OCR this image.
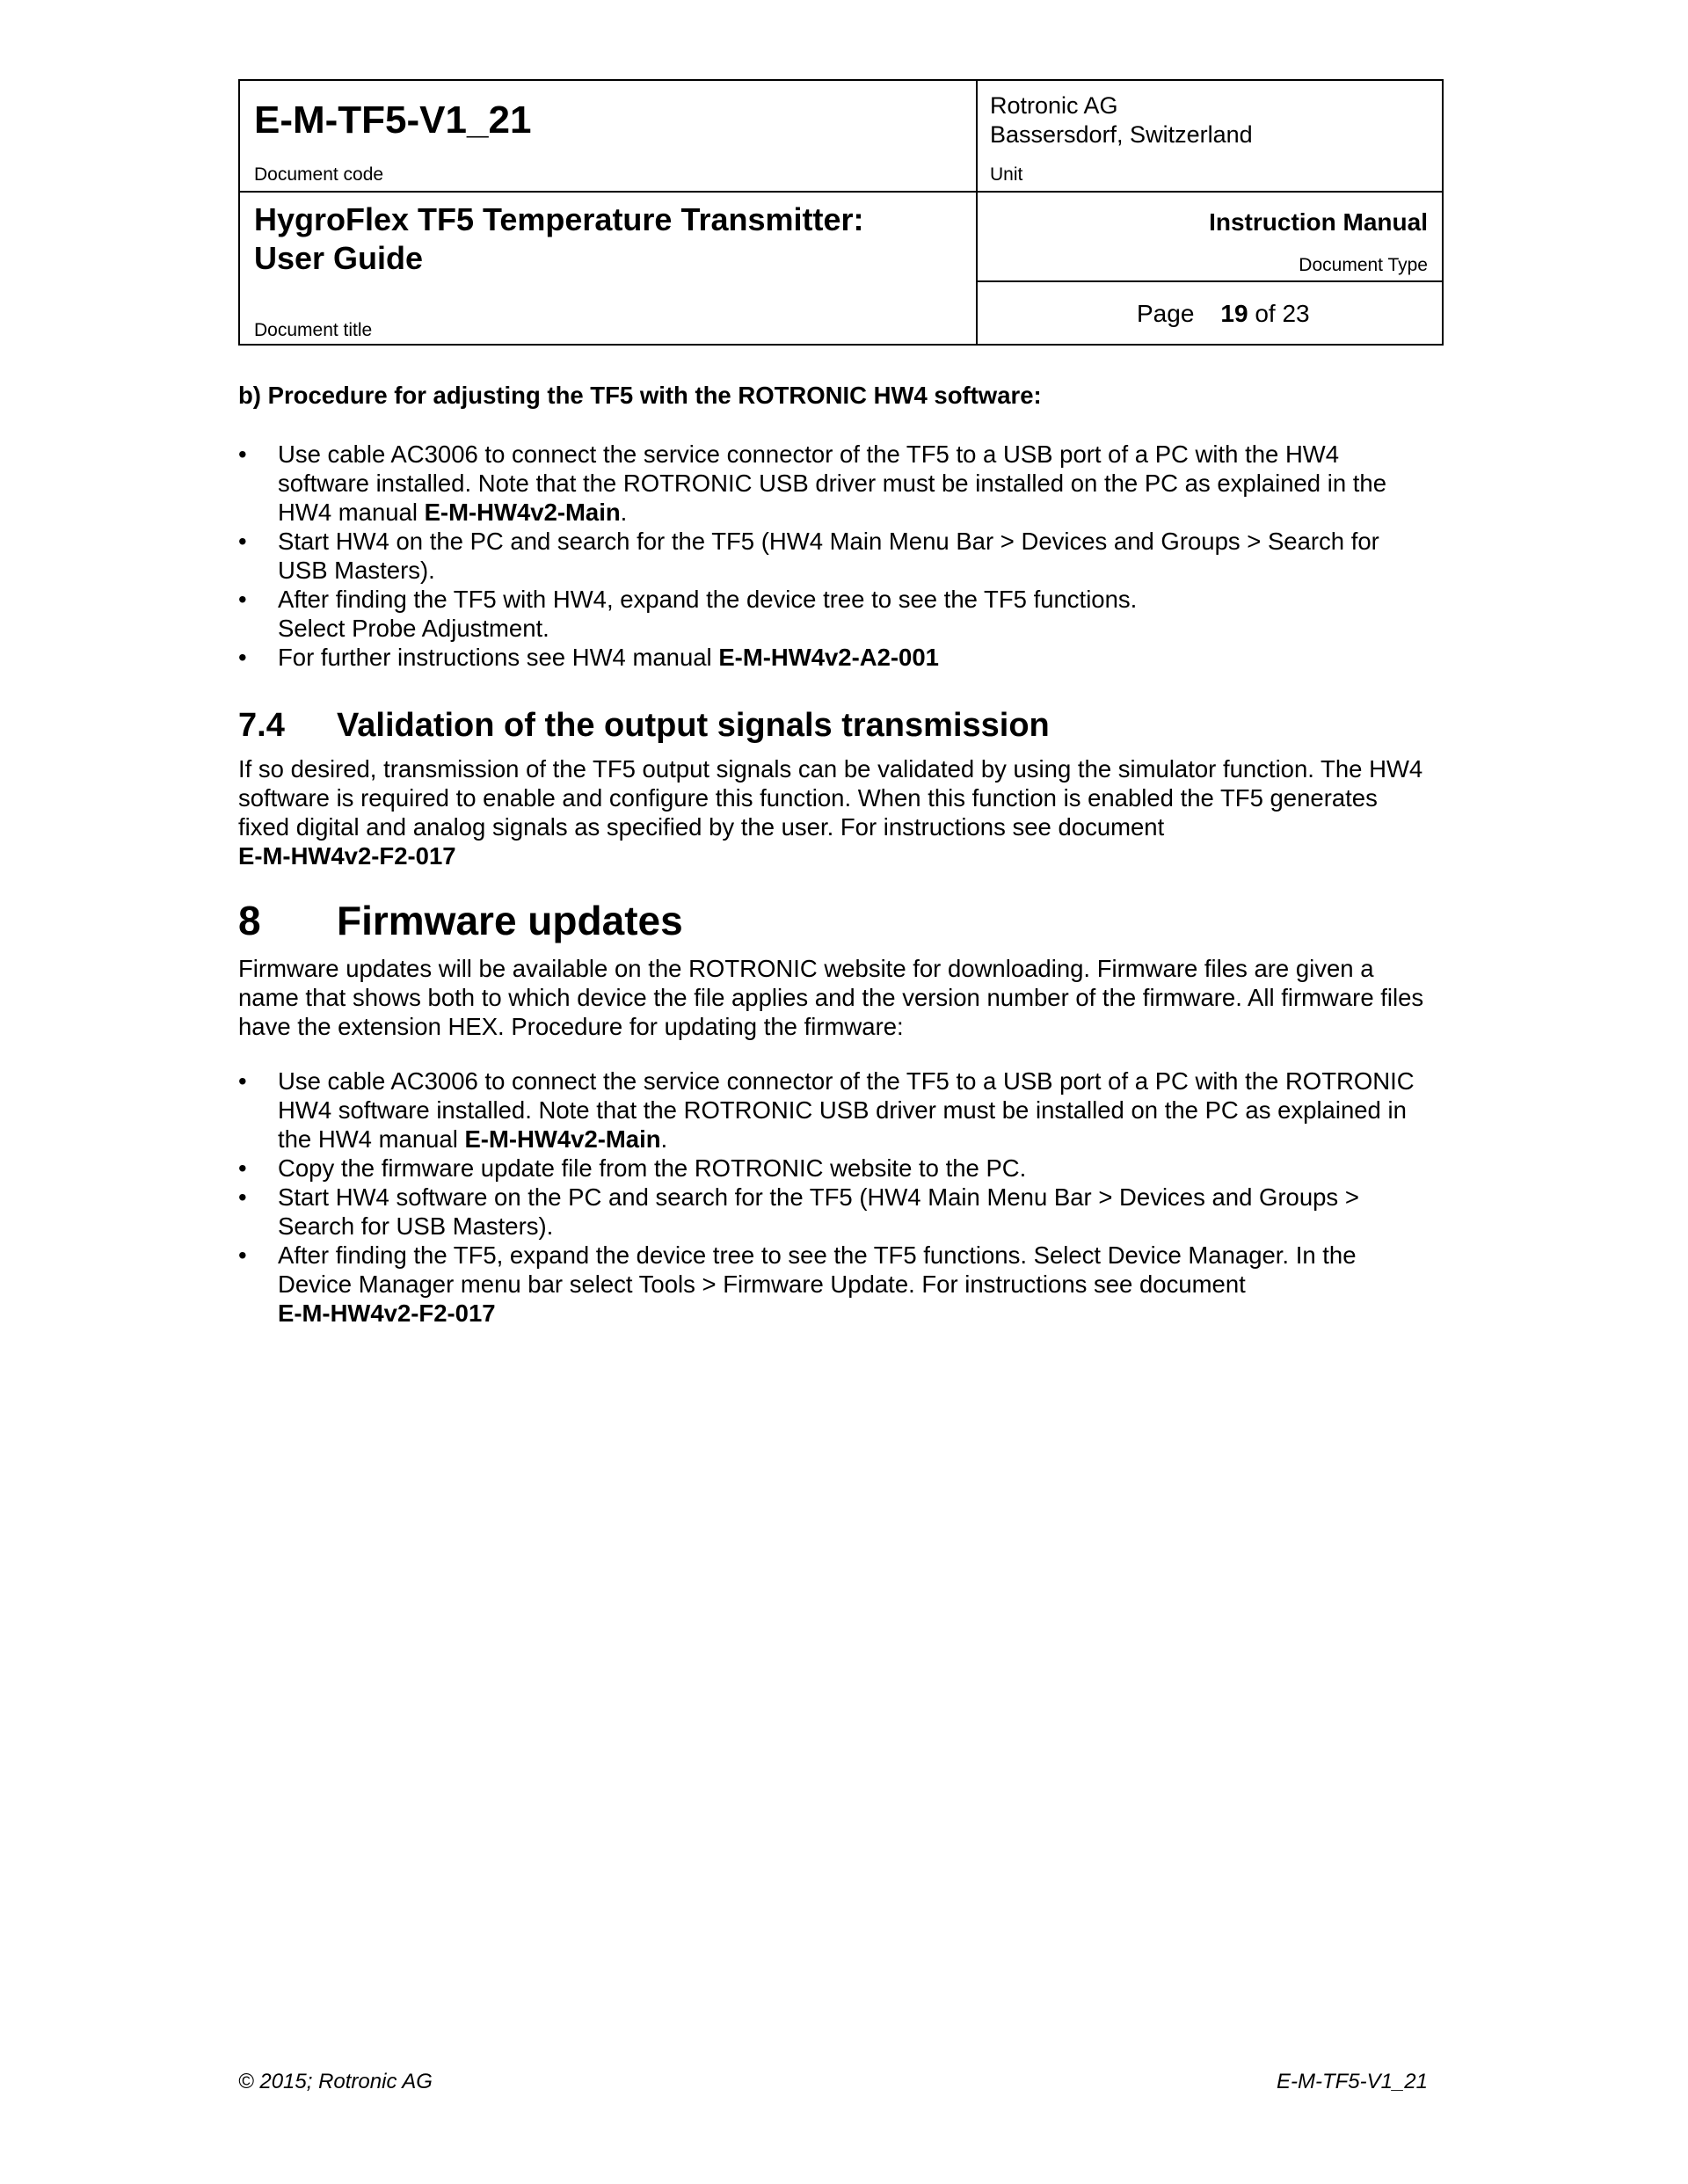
E-M-TF5-V1_21
Document code
Rotronic AG
Bassersdorf, Switzerland
Unit
HygroFlex TF5 Temperature Transmitter:
User Guide
Document title
Instruction Manual
Document Type
Page 19 of 23
b) Procedure for adjusting the TF5 with the ROTRONIC HW4 software:
• Use cable AC3006 to connect the service connector of the TF5 to a USB port of a PC with the HW4 software installed. Note that the ROTRONIC USB driver must be installed on the PC as explained in the HW4 manual E-M-HW4v2-Main.
• Start HW4 on the PC and search for the TF5 (HW4 Main Menu Bar > Devices and Groups > Search for USB Masters).
• After finding the TF5 with HW4, expand the device tree to see the TF5 functions.
Select Probe Adjustment.
• For further instructions see HW4 manual E-M-HW4v2-A2-001
7.4 Validation of the output signals transmission
If so desired, transmission of the TF5 output signals can be validated by using the simulator function. The HW4 software is required to enable and configure this function. When this function is enabled the TF5 generates fixed digital and analog signals as specified by the user. For instructions see document
E-M-HW4v2-F2-017
8 Firmware updates
Firmware updates will be available on the ROTRONIC website for downloading. Firmware files are given a name that shows both to which device the file applies and the version number of the firmware. All firmware files have the extension HEX. Procedure for updating the firmware:
• Use cable AC3006 to connect the service connector of the TF5 to a USB port of a PC with the ROTRONIC HW4 software installed. Note that the ROTRONIC USB driver must be installed on the PC as explained in the HW4 manual E-M-HW4v2-Main.
• Copy the firmware update file from the ROTRONIC website to the PC.
• Start HW4 software on the PC and search for the TF5 (HW4 Main Menu Bar > Devices and Groups > Search for USB Masters).
• After finding the TF5, expand the device tree to see the TF5 functions. Select Device Manager. In the Device Manager menu bar select Tools > Firmware Update. For instructions see document
E-M-HW4v2-F2-017
© 2015; Rotronic AG	E-M-TF5-V1_21
